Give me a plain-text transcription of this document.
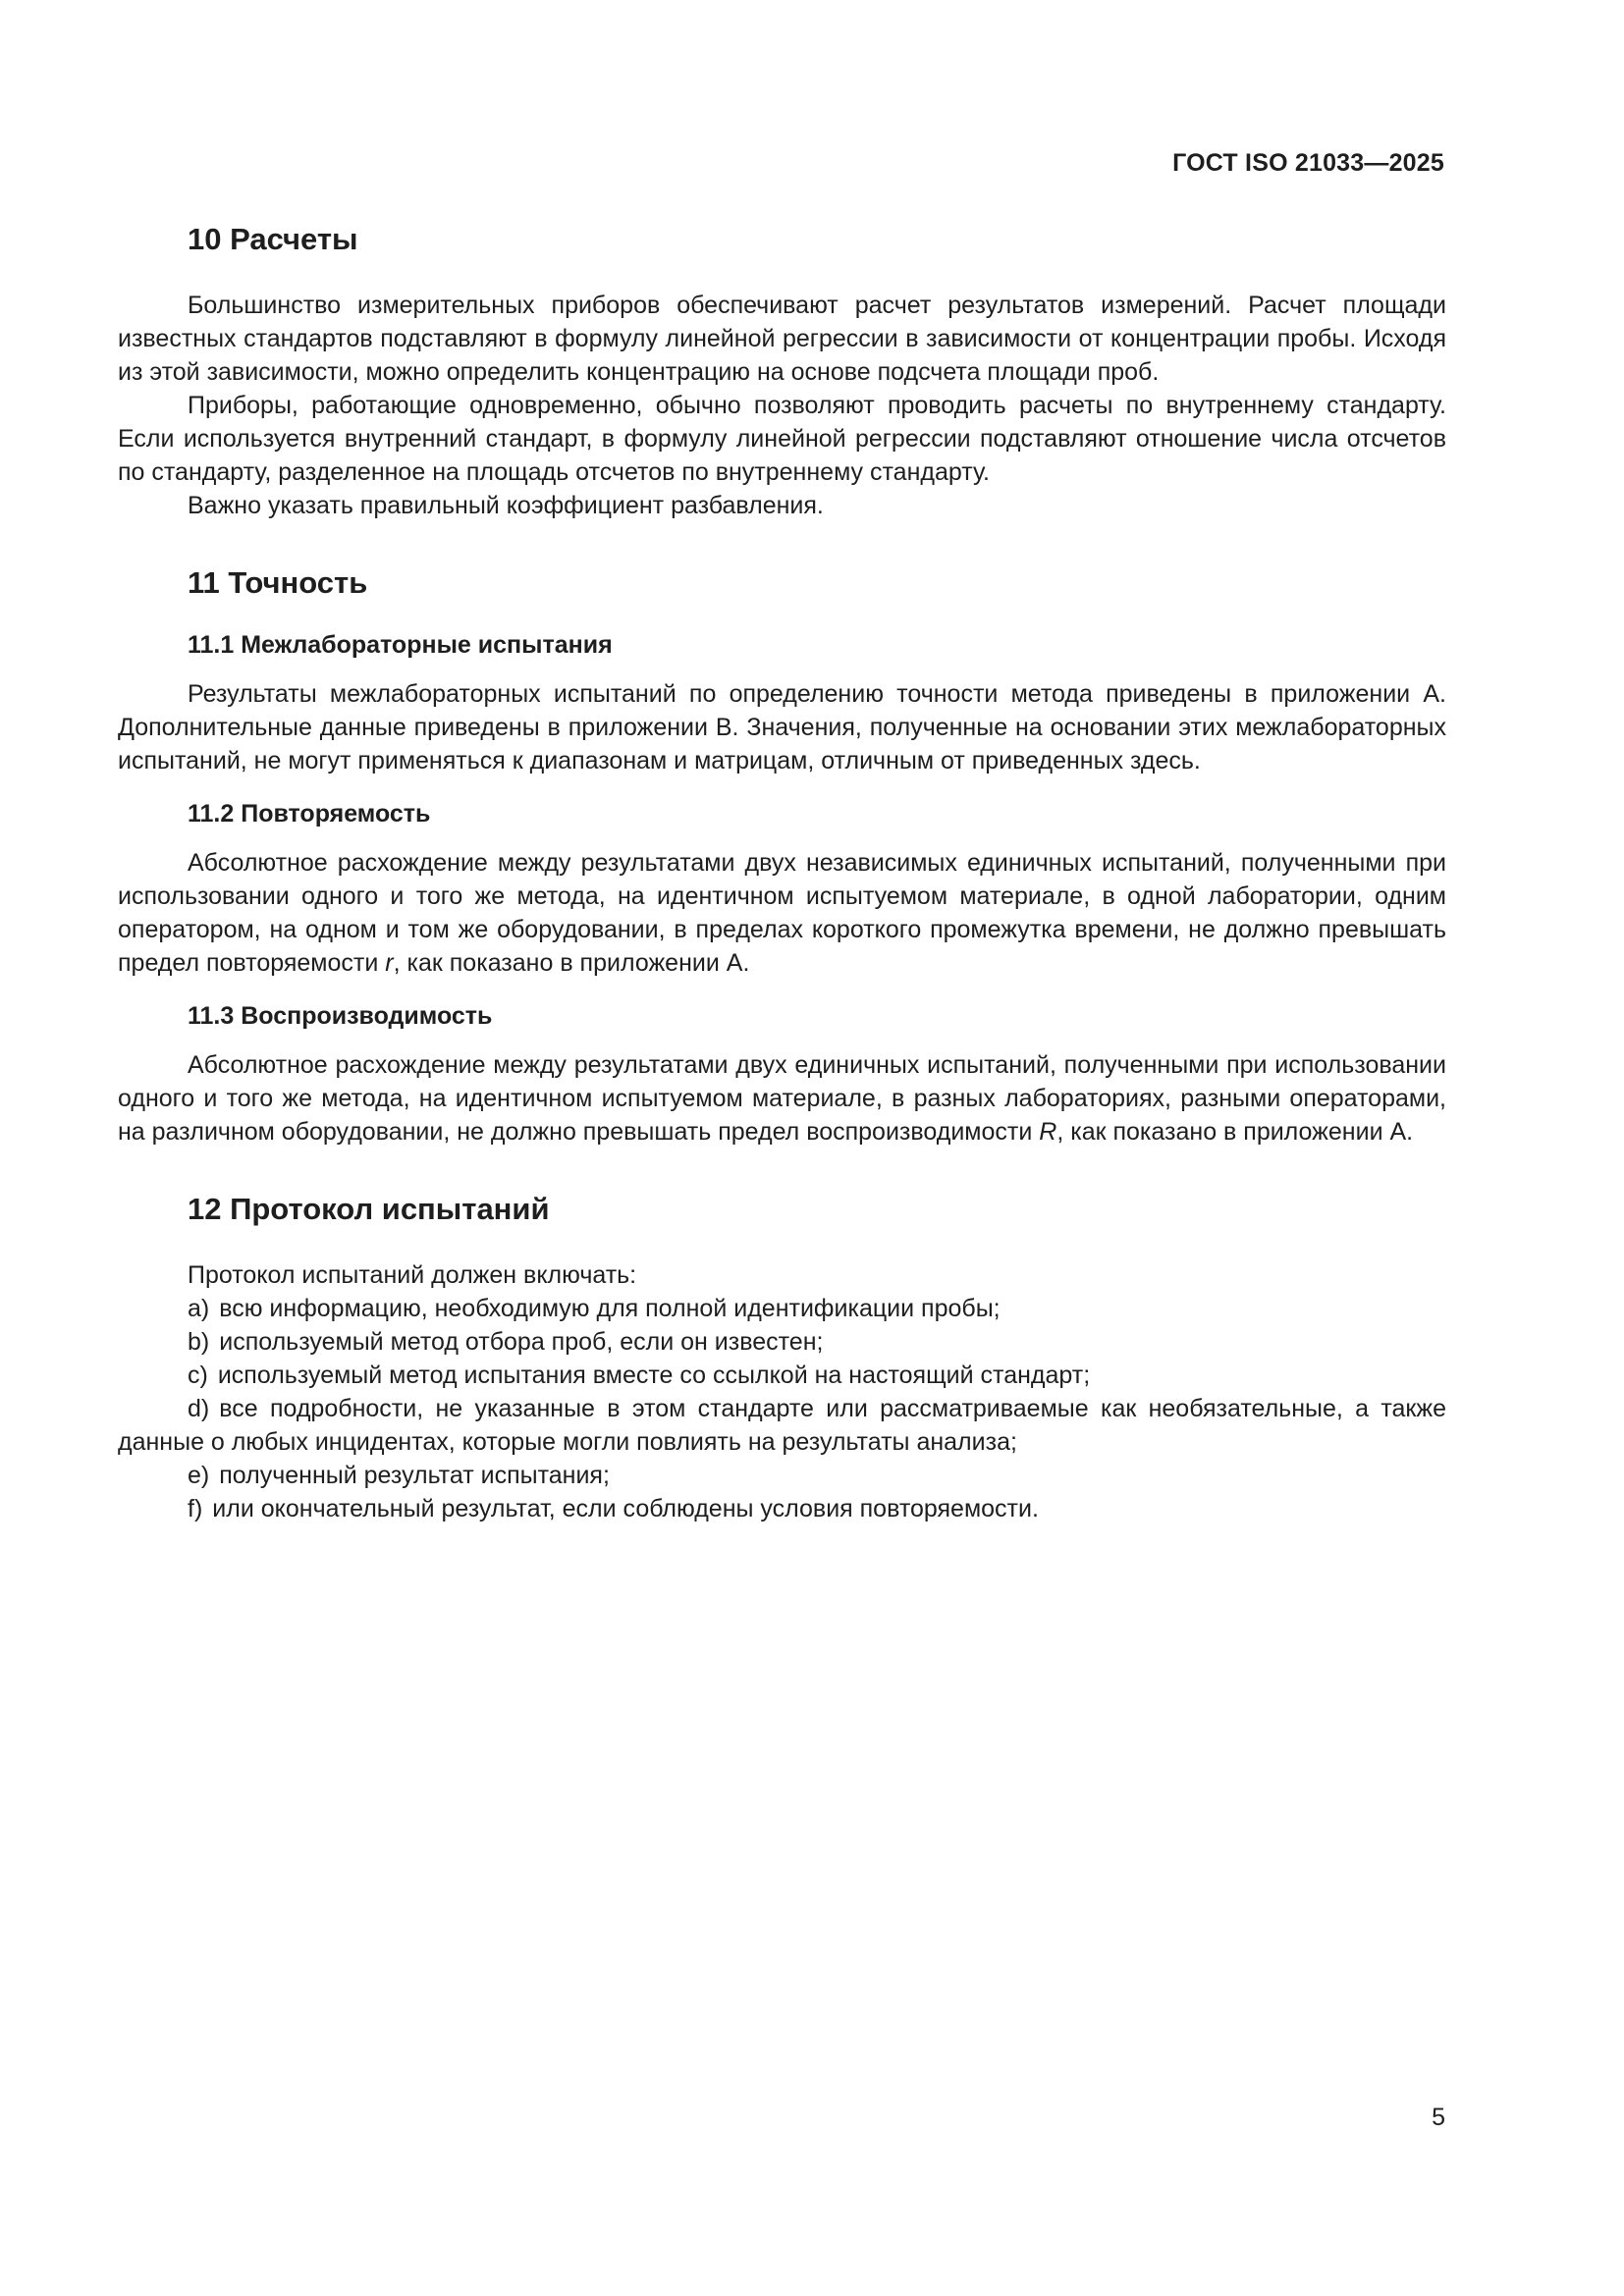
ГОСТ ISO 21033—2025
10 Расчеты

Большинство измерительных приборов обеспечивают расчет результатов измерений. Расчет площади известных стандартов подставляют в формулу линейной регрессии в зависимости от концентрации пробы. Исходя из этой зависимости, можно определить концентрацию на основе подсчета площади проб.

Приборы, работающие одновременно, обычно позволяют проводить расчеты по внутреннему стандарту. Если используется внутренний стандарт, в формулу линейной регрессии подставляют отношение числа отсчетов по стандарту, разделенное на площадь отсчетов по внутреннему стандарту.

Важно указать правильный коэффициент разбавления.

11 Точность
11.1 Межлабораторные испытания

Результаты межлабораторных испытаний по определению точности метода приведены в приложении А. Дополнительные данные приведены в приложении В. Значения, полученные на основании этих межлабораторных испытаний, не могут применяться к диапазонам и матрицам, отличным от приведенных здесь.

11.2 Повторяемость

Абсолютное расхождение между результатами двух независимых единичных испытаний, полученными при использовании одного и того же метода, на идентичном испытуемом материале, в одной лаборатории, одним оператором, на одном и том же оборудовании, в пределах короткого промежутка времени, не должно превышать предел повторяемости r, как показано в приложении А.

11.3 Воспроизводимость

Абсолютное расхождение между результатами двух единичных испытаний, полученными при использовании одного и того же метода, на идентичном испытуемом материале, в разных лабораториях, разными операторами, на различном оборудовании, не должно превышать предел воспроизводимости R, как показано в приложении А.

12 Протокол испытаний

Протокол испытаний должен включать:

a) всю информацию, необходимую для полной идентификации пробы;
b) используемый метод отбора проб, если он известен;
c) используемый метод испытания вместе со ссылкой на настоящий стандарт;
d) все подробности, не указанные в этом стандарте или рассматриваемые как необязательные, а также данные о любых инцидентах, которые могли повлиять на результаты анализа;
e) полученный результат испытания;
f) или окончательный результат, если соблюдены условия повторяемости.
5
